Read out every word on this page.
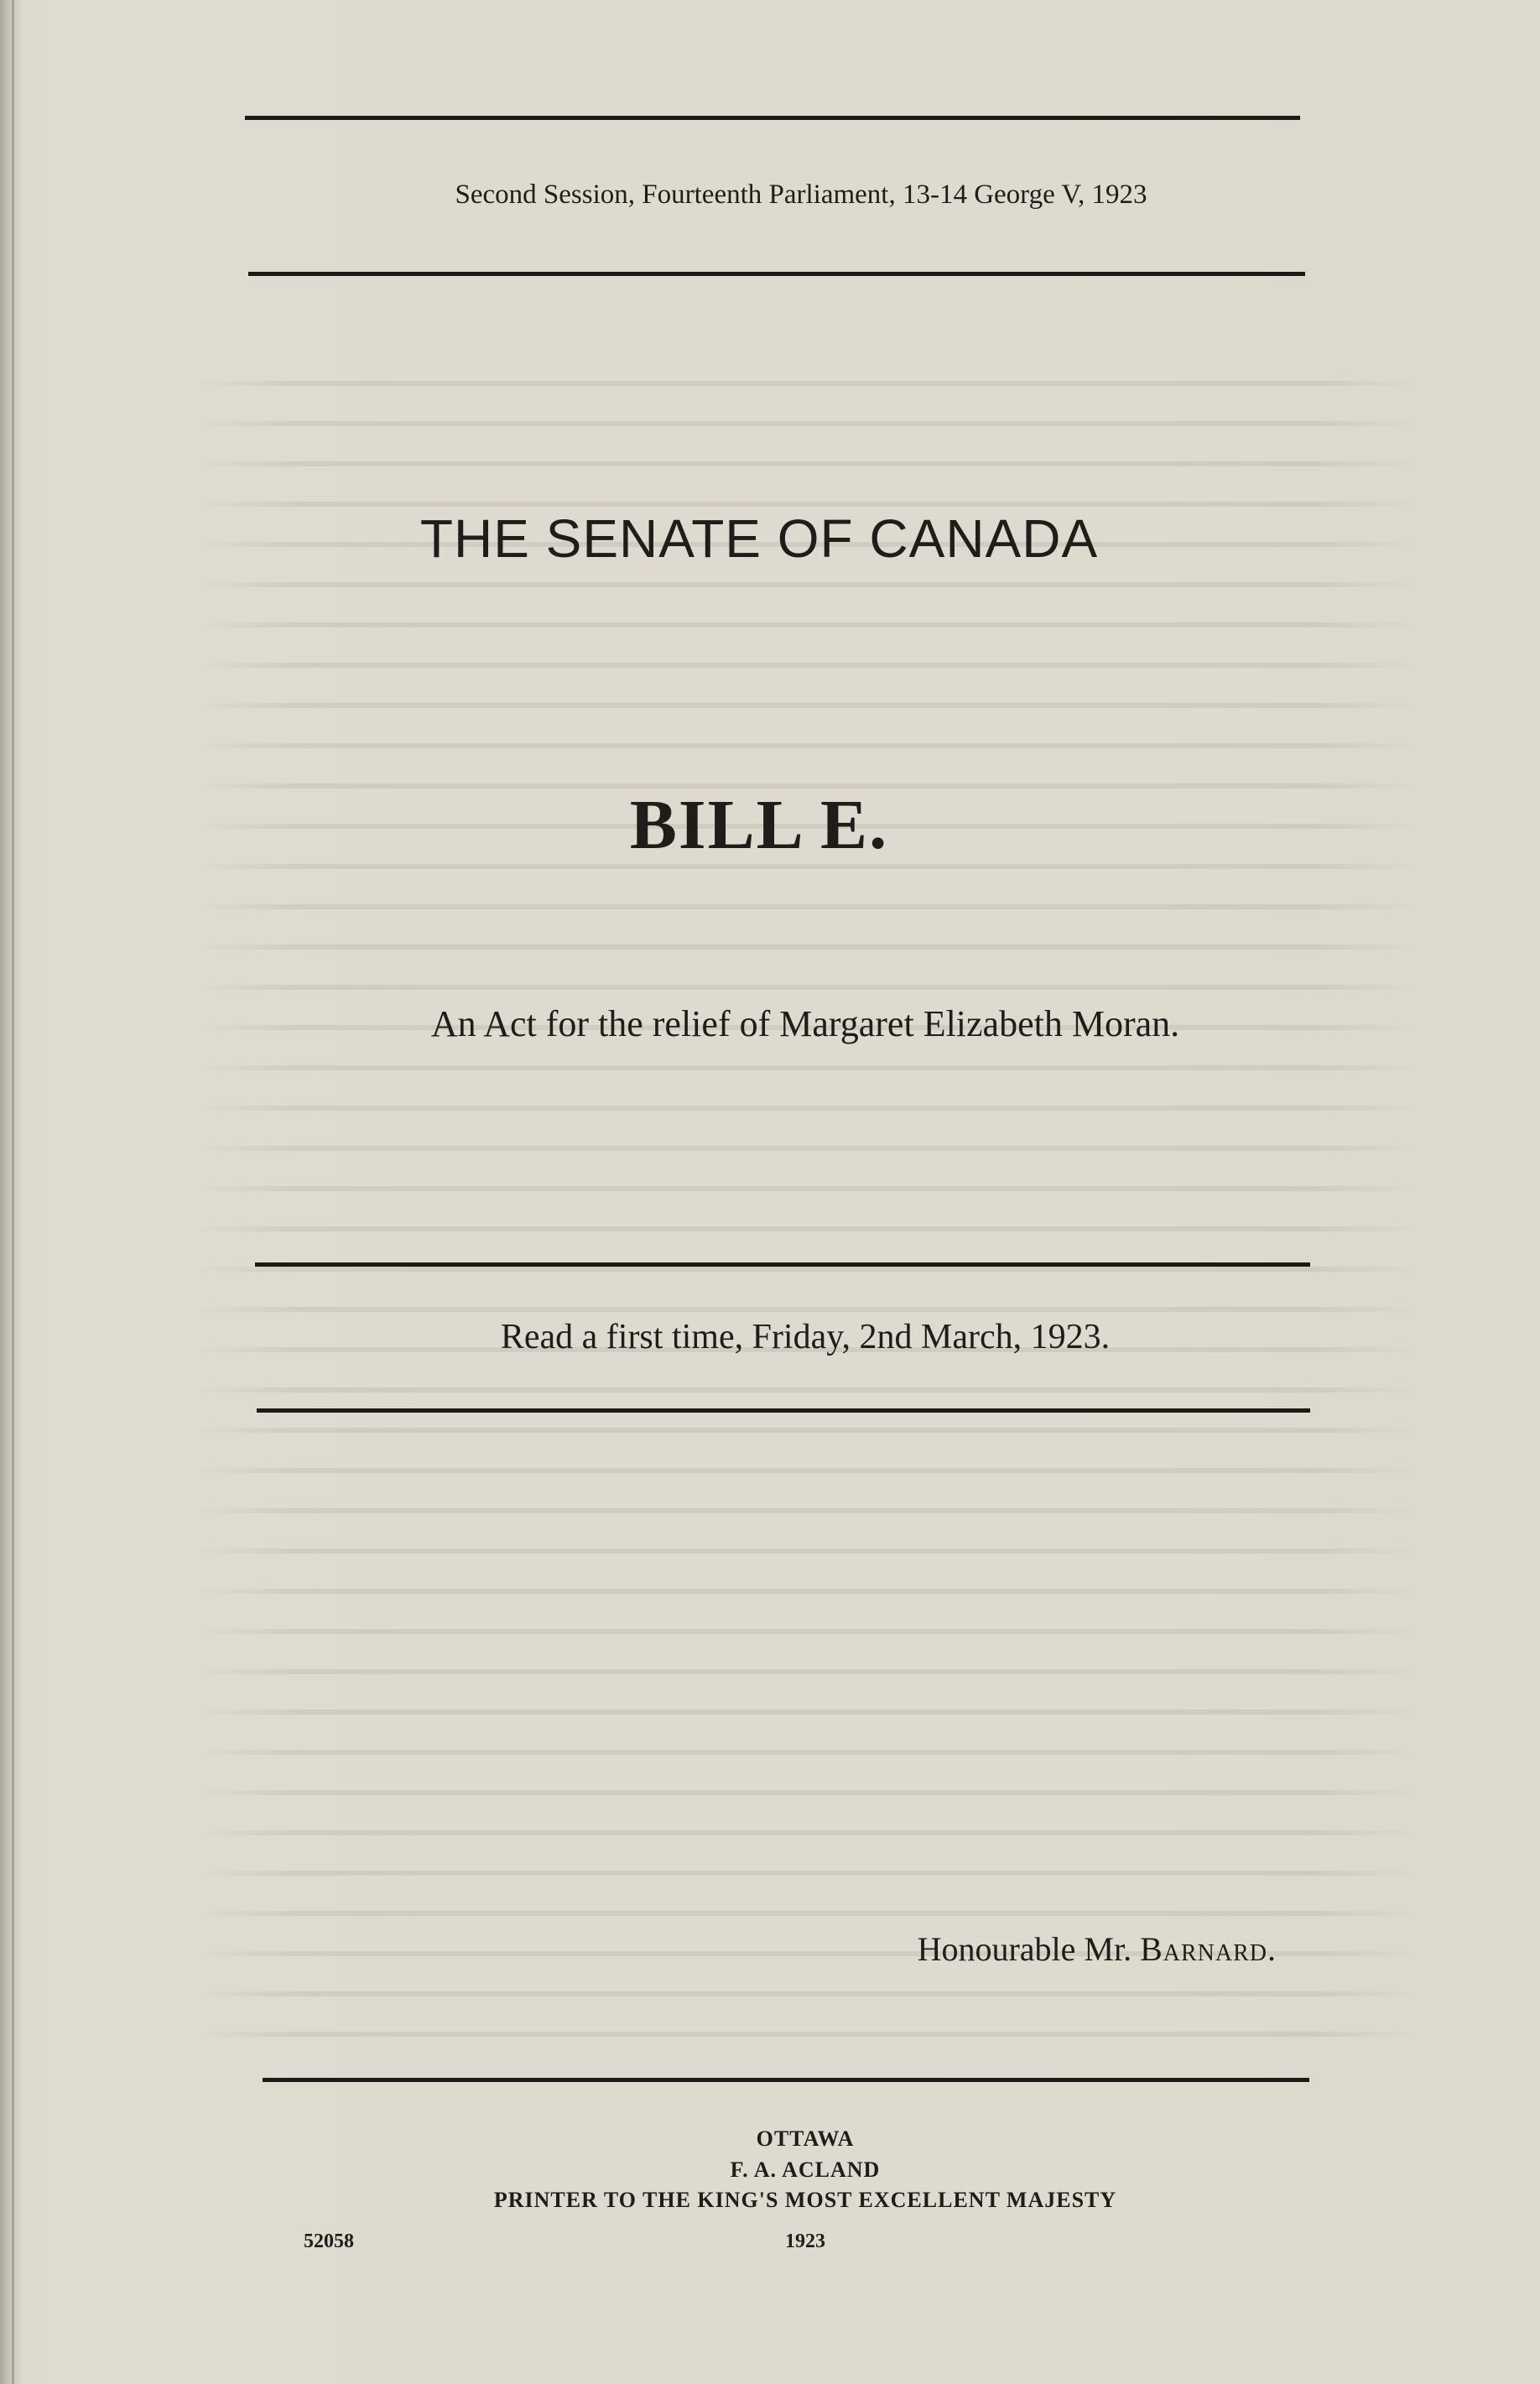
Second Session, Fourteenth Parliament, 13-14 George V, 1923
THE SENATE OF CANADA
BILL E.
An Act for the relief of Margaret Elizabeth Moran.
Read a first time, Friday, 2nd March, 1923.
Honourable Mr. Barnard.
OTTAWA
F. A. ACLAND
PRINTER TO THE KING'S MOST EXCELLENT MAJESTY
1923
52058
